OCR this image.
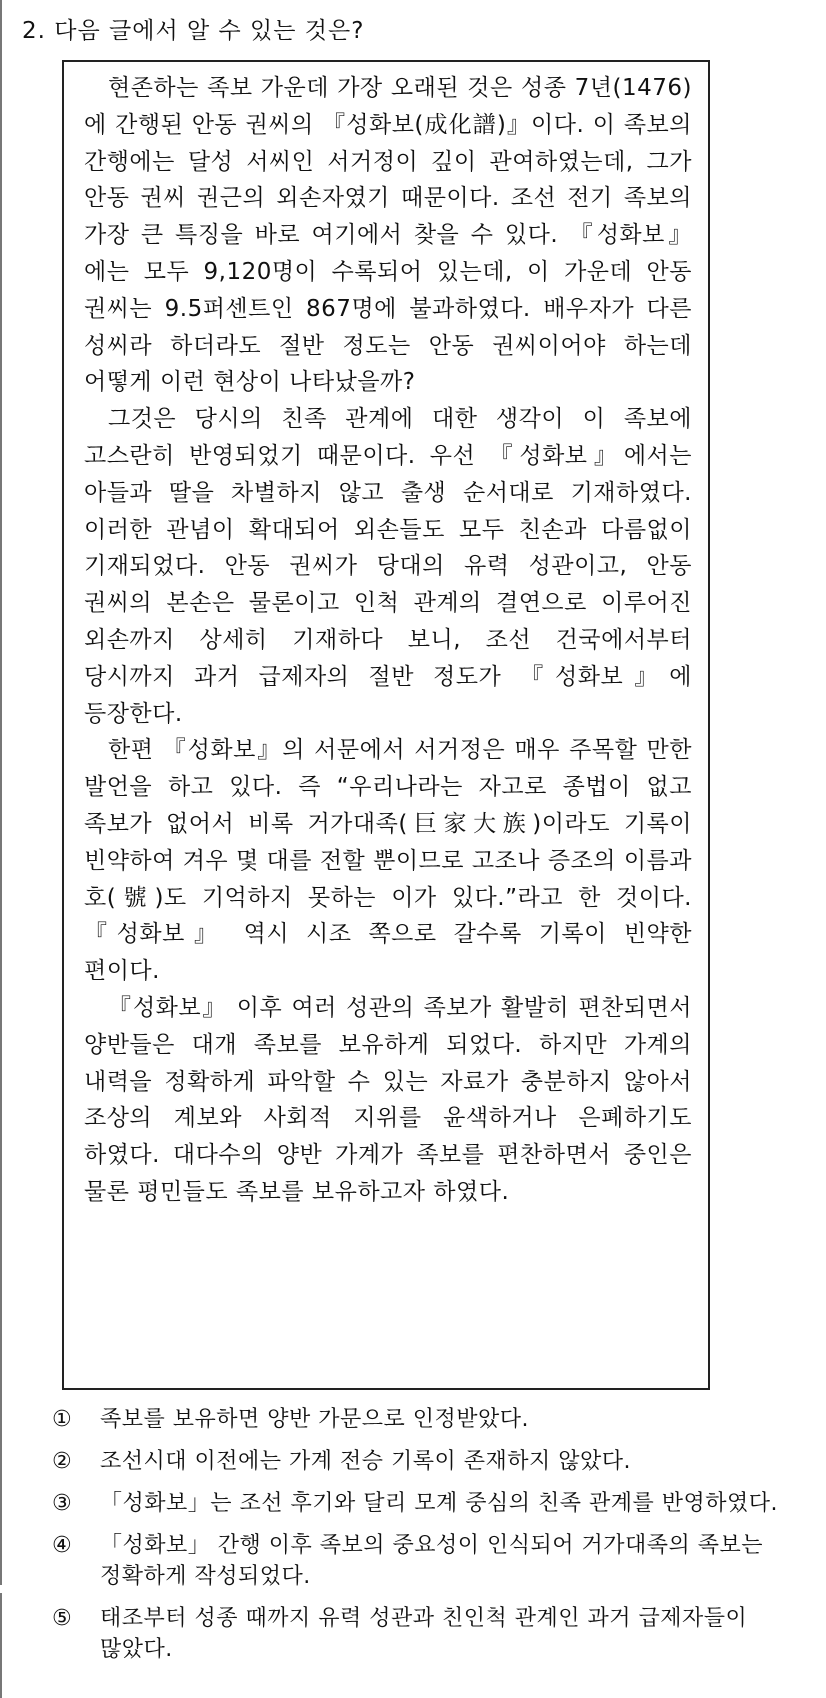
2. 다음 글에서 알 수 있는 것은?

현존하는 족보 가운데 가장 오래된 것은 성종 7년(1476)에 간행된 안동 권씨의 『성화보(成化譜)』이다. 이 족보의 간행에는 달성 서씨인 서거정이 깊이 관여하였는데, 그가 안동 권씨 권근의 외손자였기 때문이다. 조선 전기 족보의 가장 큰 특징을 바로 여기에서 찾을 수 있다. 『성화보』에는 모두 9,120명이 수록되어 있는데, 이 가운데 안동 권씨는 9.5퍼센트인 867명에 불과하였다. 배우자가 다른 성씨라 하더라도 절반 정도는 안동 권씨이어야 하는데 어떻게 이런 현상이 나타났을까?

그것은 당시의 친족 관계에 대한 생각이 이 족보에 고스란히 반영되었기 때문이다. 우선 『성화보』에서는 아들과 딸을 차별하지 않고 출생 순서대로 기재하였다. 이러한 관념이 확대되어 외손들도 모두 친손과 다름없이 기재되었다. 안동 권씨가 당대의 유력 성관이고, 안동 권씨의 본손은 물론이고 인척 관계의 결연으로 이루어진 외손까지 상세히 기재하다 보니, 조선 건국에서부터 당시까지 과거 급제자의 절반 정도가 『성화보』에 등장한다.

한편 『성화보』의 서문에서 서거정은 매우 주목할 만한 발언을 하고 있다. 즉 “우리나라는 자고로 종법이 없고 족보가 없어서 비록 거가대족(巨家大族)이라도 기록이 빈약하여 겨우 몇 대를 전할 뿐이므로 고조나 증조의 이름과 호(號)도 기억하지 못하는 이가 있다.”라고 한 것이다. 『성화보』 역시 시조 쪽으로 갈수록 기록이 빈약한 편이다.

『성화보』 이후 여러 성관의 족보가 활발히 편찬되면서 양반들은 대개 족보를 보유하게 되었다. 하지만 가계의 내력을 정확하게 파악할 수 있는 자료가 충분하지 않아서 조상의 계보와 사회적 지위를 윤색하거나 은폐하기도 하였다. 대다수의 양반 가계가 족보를 편찬하면서 중인은 물론 평민들도 족보를 보유하고자 하였다.

①	족보를 보유하면 양반 가문으로 인정받았다.
②	조선시대 이전에는 가계 전승 기록이 존재하지 않았다.
③	「성화보」는 조선 후기와 달리 모계 중심의 친족 관계를 반영하였다.
④	「성화보」 간행 이후 족보의 중요성이 인식되어 거가대족의 족보는 정확하게 작성되었다.
⑤	태조부터 성종 때까지 유력 성관과 친인척 관계인 과거 급제자들이 많았다.
